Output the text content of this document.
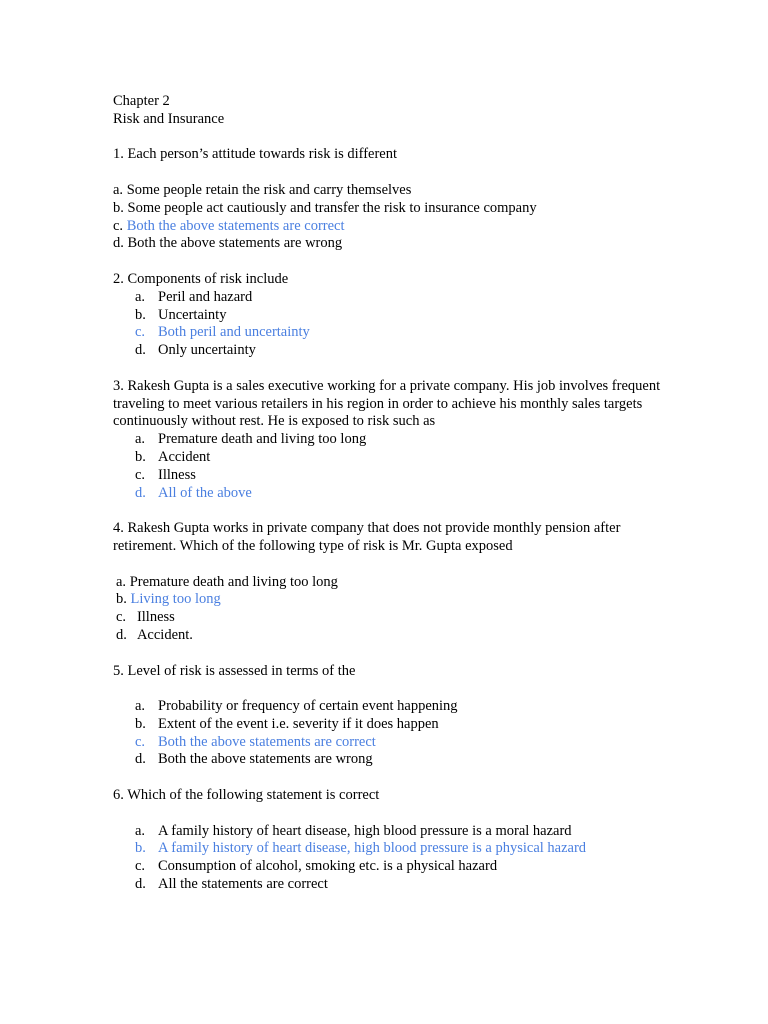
Chapter 2
Risk and Insurance
1. Each person’s attitude towards risk is different
a. Some people retain the risk and carry themselves
b. Some people act cautiously and transfer the risk to insurance company
c. Both the above statements are correct
d. Both the above statements are wrong
2. Components of risk include
a. Peril and hazard
b. Uncertainty
c. Both peril and uncertainty
d. Only uncertainty
3. Rakesh Gupta is a sales executive working for a private company. His job involves frequent traveling to meet various retailers in his region in order to achieve his monthly sales targets continuously without rest. He is exposed to risk such as
a. Premature death and living too long
b. Accident
c. Illness
d. All of the above
4. Rakesh Gupta works in private company that does not provide monthly pension after retirement. Which of the following type of risk is Mr. Gupta exposed
a. Premature death and living too long
b. Living too long
c. Illness
d. Accident.
5. Level of risk is assessed in terms of the
a. Probability or frequency of certain event happening
b. Extent of the event i.e. severity if it does happen
c. Both the above statements are correct
d. Both the above statements are wrong
6. Which of the following statement is correct
a. A family history of heart disease, high blood pressure is a moral hazard
b. A family history of heart disease, high blood pressure is a physical hazard
c. Consumption of alcohol, smoking etc. is a physical hazard
d. All the statements are correct
